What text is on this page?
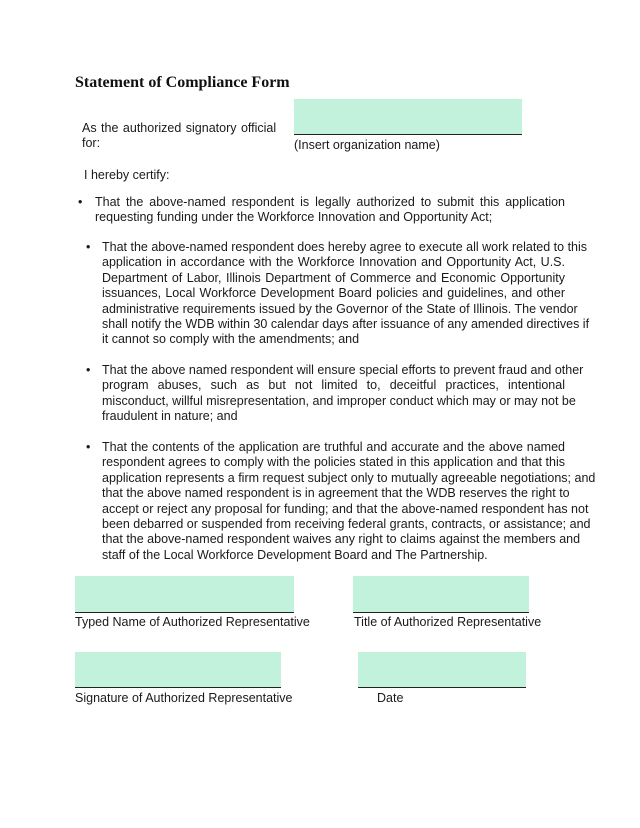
Statement of Compliance Form
As the authorized signatory official for:	(Insert organization name)
I hereby certify:
• That the above-named respondent is legally authorized to submit this application
requesting funding under the Workforce Innovation and Opportunity Act;
• That the above-named respondent does hereby agree to execute all work related to this
application in accordance with the Workforce Innovation and Opportunity Act, U.S.
Department of Labor, Illinois Department of Commerce and Economic Opportunity
issuances, Local Workforce Development Board policies and guidelines, and other
administrative requirements issued by the Governor of the State of Illinois. The vendor
shall notify the WDB within 30 calendar days after issuance of any amended directives if
it cannot so comply with the amendments; and
• That the above named respondent will ensure special efforts to prevent fraud and other
program abuses, such as but not limited to, deceitful practices, intentional
misconduct, willful misrepresentation, and improper conduct which may or may not be
fraudulent in nature; and
• That the contents of the application are truthful and accurate and the above named
respondent agrees to comply with the policies stated in this application and that this
application represents a firm request subject only to mutually agreeable negotiations; and
that the above named respondent is in agreement that the WDB reserves the right to
accept or reject any proposal for funding; and that the above-named respondent has not
been debarred or suspended from receiving federal grants, contracts, or assistance; and
that the above-named respondent waives any right to claims against the members and
staff of the Local Workforce Development Board and The Partnership.
Typed Name of Authorized Representative	Title of Authorized Representative
Signature of Authorized Representative	Date
